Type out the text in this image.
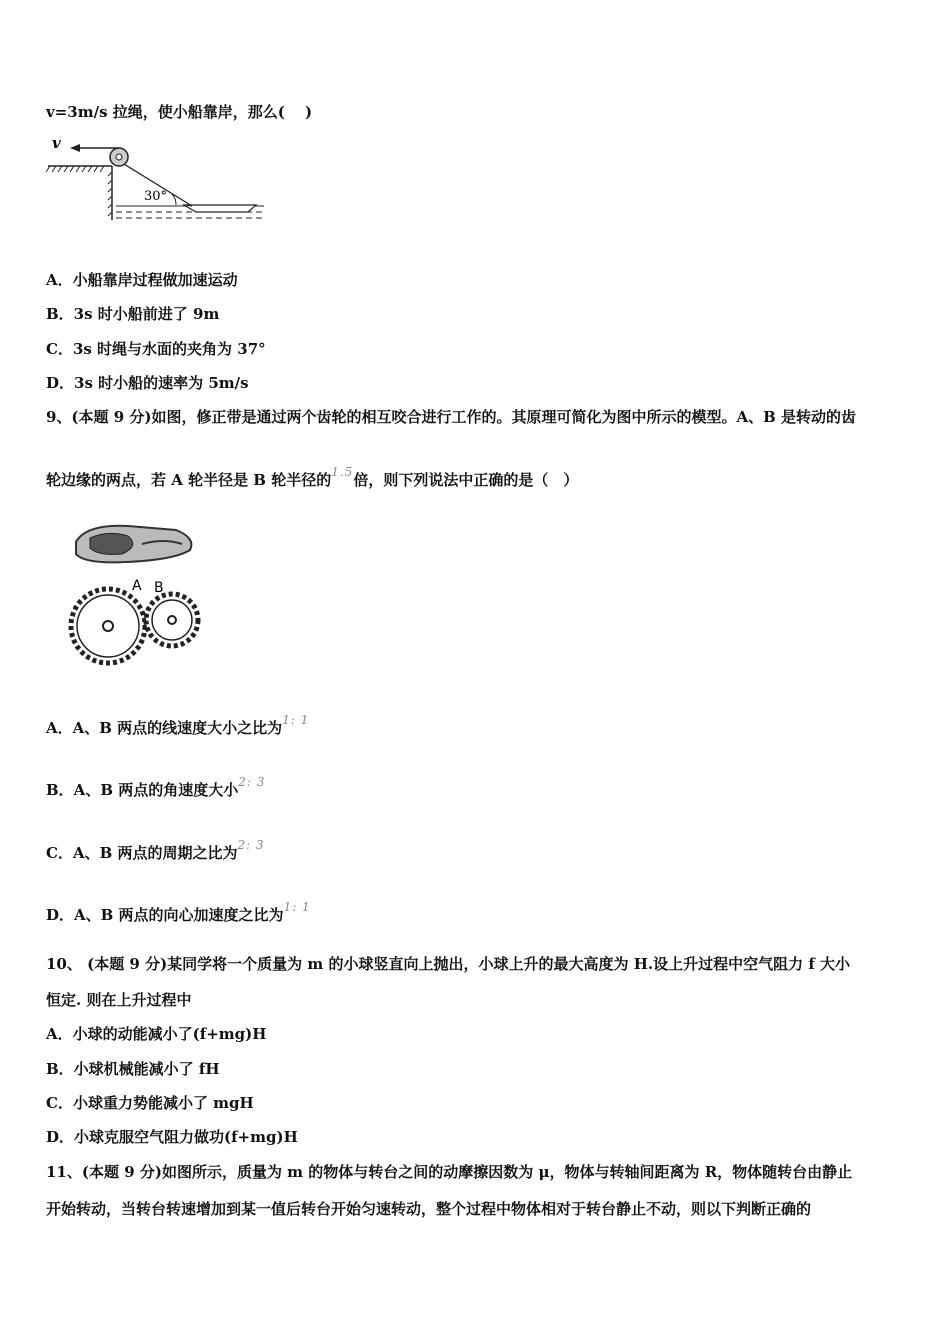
v=3m/s 拉绳，使小船靠岸，那么(　 )
v
30°
A．小船靠岸过程做加速运动
B．3s 时小船前进了 9m
C．3s 时绳与水面的夹角为 37°
D．3s 时小船的速率为 5m/s
9、(本题 9 分)如图，修正带是通过两个齿轮的相互咬合进行工作的。其原理可简化为图中所示的模型。A、B 是转动的齿
轮边缘的两点，若 A 轮半径是 B 轮半径的$^{1.5}$倍，则下列说法中正确的是（　）
A B
A．A、B 两点的线速度大小之比为$^{1: 1}$
B．A、B 两点的角速度大小$^{2: 3}$
C．A、B 两点的周期之比为$^{2: 3}$
D．A、B 两点的向心加速度之比为$^{1: 1}$
10、 (本题 9 分)某同学将一个质量为 m 的小球竖直向上抛出，小球上升的最大高度为 H.设上升过程中空气阻力 f 大小
恒定. 则在上升过程中
A．小球的动能减小了(f+mg)H
B．小球机械能减小了 fH
C．小球重力势能减小了 mgH
D．小球克服空气阻力做功(f+mg)H
11、(本题 9 分)如图所示，质量为 m 的物体与转台之间的动摩擦因数为 μ，物体与转轴间距离为 R，物体随转台由静止
开始转动，当转台转速增加到某一值后转台开始匀速转动，整个过程中物体相对于转台静止不动，则以下判断正确的
